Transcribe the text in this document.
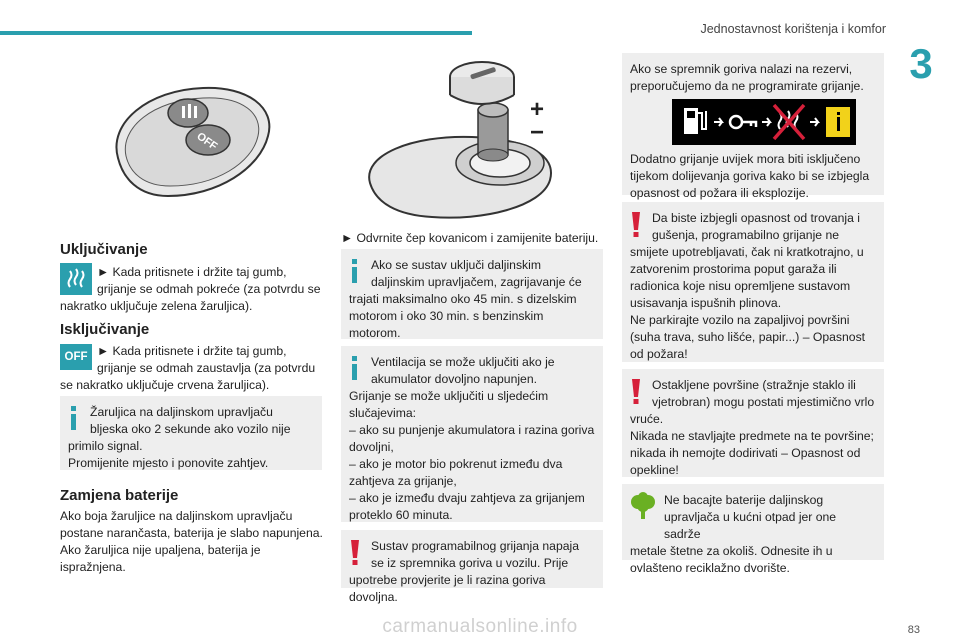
Jednostavnost korištenja i komfor
3
OFF
Uključivanje

► Kada pritisnete i držite taj gumb,

grijanje se odmah pokreće (za potvrdu se nakratko uključuje zelena žaruljica).

Isključivanje
OFF ► Kada pritisnete i držite taj gumb,

grijanje se odmah zaustavlja (za potvrdu

se nakratko uključuje crvena žaruljica).

Žaruljica na daljinskom upravljaču

bljeska oko 2 sekunde ako vozilo nije

primilo signal.

Promijenite mjesto i ponovite zahtjev.

Zamjena baterije

Ako boja žaruljice na daljinskom upravljaču postane narančasta, baterija je slabo napunjena. Ako žaruljica nije upaljena, baterija je ispražnjena.

+
−

► Odvrnite čep kovanicom i zamijenite bateriju.

Ako se sustav uključi daljinskim

daljinskim upravljačem, zagrijavanje će

trajati maksimalno oko 45 min. s dizelskim motorom i oko 30 min. s benzinskim motorom.

Ventilacija se može uključiti ako je

akumulator dovoljno napunjen.

Grijanje se može uključiti u sljedećim slučajevima:

– ako su punjenje akumulatora i razina goriva dovoljni,

– ako je motor bio pokrenut između dva zahtjeva za grijanje,

– ako je između dvaju zahtjeva za grijanjem proteklo 60 minuta.

Sustav programabilnog grijanja napaja

se iz spremnika goriva u vozilu. Prije

upotrebe provjerite je li razina goriva dovoljna.

Ako se spremnik goriva nalazi na rezervi, preporučujemo da ne programirate grijanje.

Dodatno grijanje uvijek mora biti isključeno tijekom dolijevanja goriva kako bi se izbjegla opasnost od požara ili eksplozije.

Da biste izbjegli opasnost od trovanja i

gušenja, programabilno grijanje ne

smijete upotrebljavati, čak ni kratkotrajno, u zatvorenim prostorima poput garaža ili radionica koje nisu opremljene sustavom usisavanja ispušnih plinova.

Ne parkirajte vozilo na zapaljivoj površini (suha trava, suho lišće, papir...) – Opasnost od požara!

Ostakljene površine (stražnje staklo ili

vjetrobran) mogu postati mjestimično vrlo

vruće.

Nikada ne stavljajte predmete na te površine; nikada ih nemojte dodirivati – Opasnost od opekline!

Ne bacajte baterije daljinskog

upravljača u kućni otpad jer one sadrže

metale štetne za okoliš. Odnesite ih u ovlašteno reciklažno dvorište.

carmanualsonline.info	83
